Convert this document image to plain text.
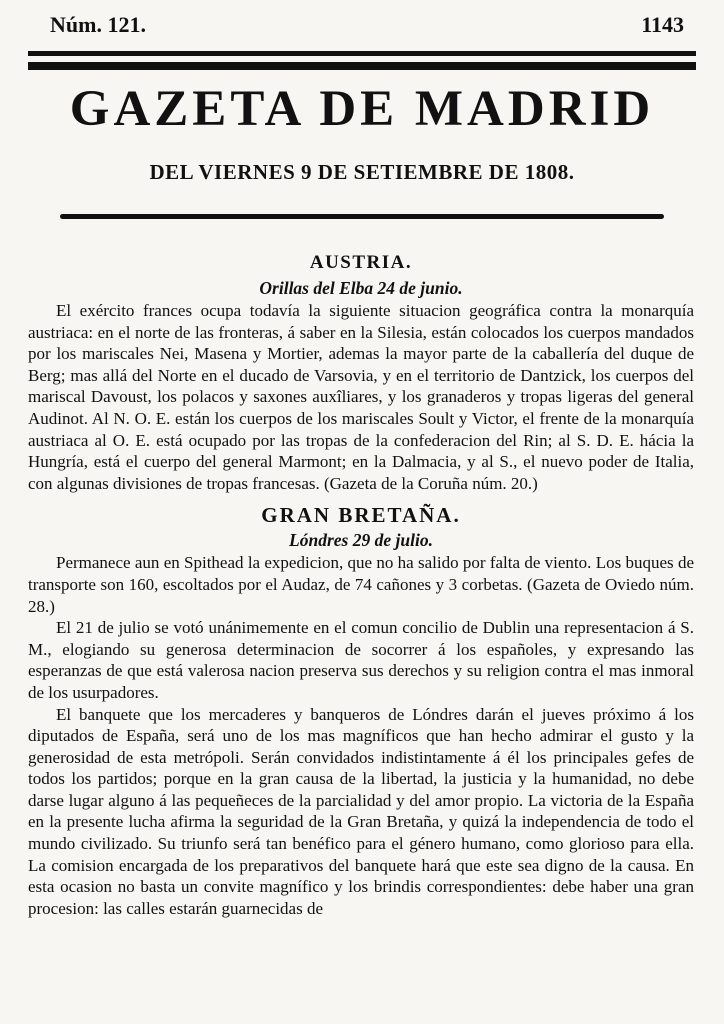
Núm. 121.	1143
GAZETA DE MADRID
DEL VIERNES 9 DE SETIEMBRE DE 1808.
AUSTRIA.
Orillas del Elba 24 de junio.

El exército frances ocupa todavía la siguiente situacion geográfica contra la monarquía austriaca: en el norte de las fronteras, á saber en la Silesia, están colocados los cuerpos mandados por los mariscales Nei, Masena y Mortier, ademas la mayor parte de la caballería del duque de Berg; mas allá del Norte en el ducado de Varsovia, y en el territorio de Dantzick, los cuerpos del mariscal Davoust, los polacos y saxones auxîliares, y los granaderos y tropas ligeras del general Audinot. Al N. O. E. están los cuerpos de los mariscales Soult y Victor, el frente de la monarquía austriaca al O. E. está ocupado por las tropas de la confederacion del Rin; al S. D. E. hácia la Hungría, está el cuerpo del general Marmont; en la Dalmacia, y al S., el nuevo poder de Italia, con algunas divisiones de tropas francesas. (Gazeta de la Coruña núm. 20.)

GRAN BRETAÑA.
Lóndres 29 de julio.

Permanece aun en Spithead la expedicion, que no ha salido por falta de viento. Los buques de transporte son 160, escoltados por el Audaz, de 74 cañones y 3 corbetas. (Gazeta de Oviedo núm. 28.)

El 21 de julio se votó unánimemente en el comun concilio de Dublin una representacion á S. M., elogiando su generosa determinacion de socorrer á los españoles, y expresando las esperanzas de que está valerosa nacion preserva sus derechos y su religion contra el mas inmoral de los usurpadores.

El banquete que los mercaderes y banqueros de Lóndres darán el jueves próximo á los diputados de España, será uno de los mas magníficos que han hecho admirar el gusto y la generosidad de esta metrópoli. Serán convidados indistintamente á él los principales gefes de todos los partidos; porque en la gran causa de la libertad, la justicia y la humanidad, no debe darse lugar alguno á las pequeñeces de la parcialidad y del amor propio. La victoria de la España en la presente lucha afirma la seguridad de la Gran Bretaña, y quizá la independencia de todo el mundo civilizado. Su triunfo será tan benéfico para el género humano, como glorioso para ella. La comision encargada de los preparativos del banquete hará que este sea digno de la causa. En esta ocasion no basta un convite magnífico y los brindis correspondientes: debe haber una gran procesion: las calles estarán guarnecidas de
